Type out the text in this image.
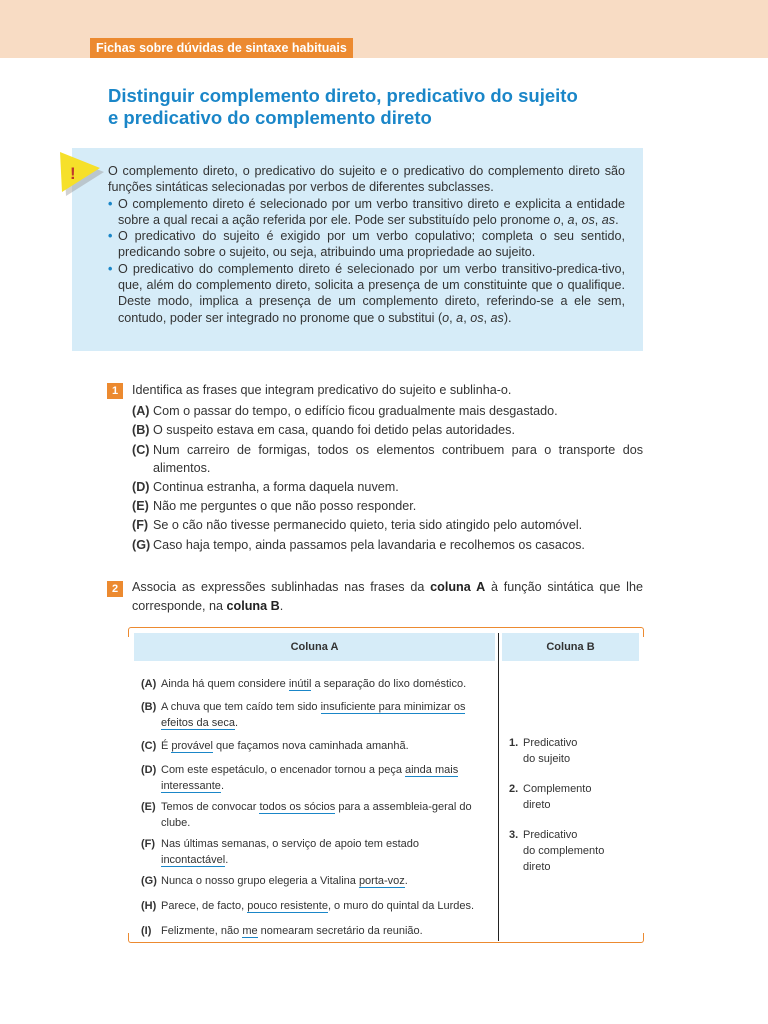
Fichas sobre dúvidas de sintaxe habituais
Distinguir complemento direto, predicativo do sujeito
e predicativo do complemento direto
!	O complemento direto, o predicativo do sujeito e o predicativo do complemento direto são funções sintáticas selecionadas por verbos de diferentes subclasses.

• O complemento direto é selecionado por um verbo transitivo direto e explicita a entidade sobre a qual recai a ação referida por ele. Pode ser substituído pelo pronome o, a, os, as.

• O predicativo do sujeito é exigido por um verbo copulativo; completa o seu sentido, predicando sobre o sujeito, ou seja, atribuindo uma propriedade ao sujeito.

• O predicativo do complemento direto é selecionado por um verbo transitivo-predica-tivo, que, além do complemento direto, solicita a presença de um constituinte que o qualifique. Deste modo, implica a presença de um complemento direto, referindo-se a ele sem, contudo, poder ser integrado no pronome que o substitui (o, a, os, as).

1	Identifica as frases que integram predicativo do sujeito e sublinha-o.
(A) Com o passar do tempo, o edifício ficou gradualmente mais desgastado.
(B) O suspeito estava em casa, quando foi detido pelas autoridades.
(C) Num carreiro de formigas, todos os elementos contribuem para o transporte dos alimentos.
(D) Continua estranha, a forma daquela nuvem.
(E) Não me perguntes o que não posso responder.
(F) Se o cão não tivesse permanecido quieto, teria sido atingido pelo automóvel.
(G) Caso haja tempo, ainda passamos pela lavandaria e recolhemos os casacos.
2	Associa as expressões sublinhadas nas frases da coluna A à função sintática que lhe corresponde, na coluna B.
Coluna A	Coluna B
(A) Ainda há quem considere inútil a separação do lixo doméstico.
(B) A chuva que tem caído tem sido insuficiente para minimizar os efeitos da seca.
(C) É provável que façamos nova caminhada amanhã.
(D) Com este espetáculo, o encenador tornou a peça ainda mais interessante.
(E) Temos de convocar todos os sócios para a assembleia-geral do clube.
(F) Nas últimas semanas, o serviço de apoio tem estado incontactável.
(G) Nunca o nosso grupo elegeria a Vitalina porta-voz.
(H) Parece, de facto, pouco resistente, o muro do quintal da Lurdes.
(I) Felizmente, não me nomearam secretário da reunião.
1. Predicativo
do sujeito
2. Complemento
direto
3. Predicativo
do complemento
direto
